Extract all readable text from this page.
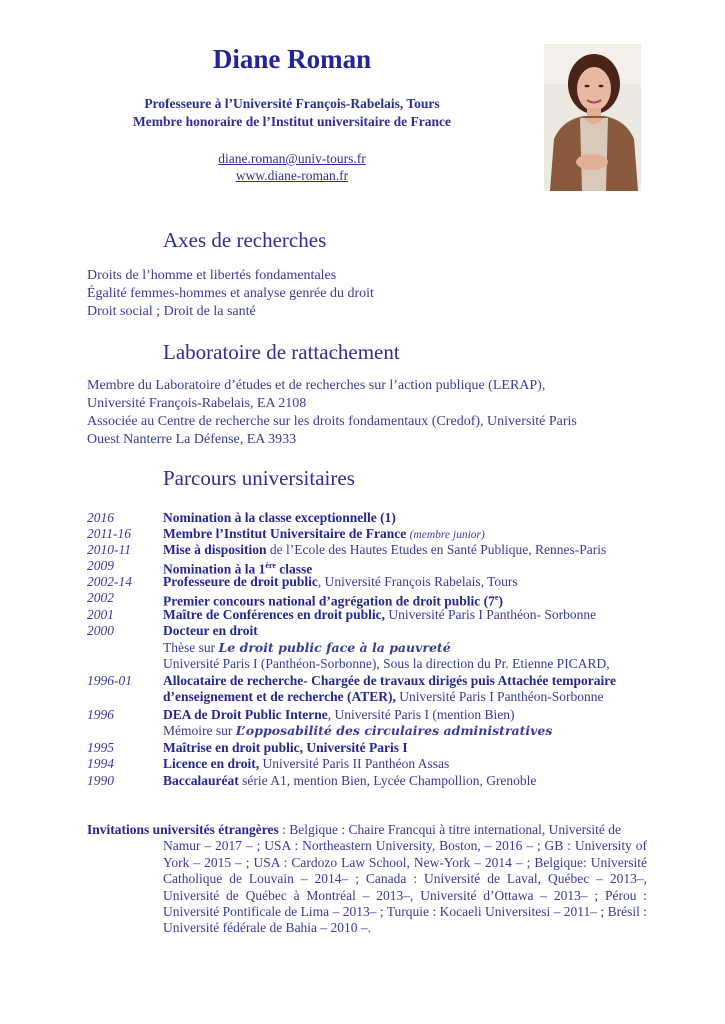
Diane Roman
Professeure à l’Université François-Rabelais, Tours
Membre honoraire de l’Institut universitaire de France
diane.roman@univ-tours.fr
www.diane-roman.fr
Axes de recherches
Droits de l’homme et libertés fondamentales
Égalité femmes-hommes et analyse genrée du droit
Droit social ; Droit de la santé
Laboratoire de rattachement
Membre du Laboratoire d’études et de recherches sur l’action publique (LERAP),
Université François-Rabelais, EA 2108
Associée au Centre de recherche sur les droits fondamentaux (Credof), Université Paris
Ouest Nanterre La Défense, EA 3933
Parcours universitaires
2016	Nomination à la classe exceptionnelle (1)
2011-16 Membre l’Institut Universitaire de France (membre junior)
2010-11 Mise à disposition de l’Ecole des Hautes Etudes en Santé Publique, Rennes-Paris
2009	Nomination à la 1ère classe
2002-14 Professeure de droit public, Université François Rabelais, Tours
2002	Premier concours national d’agrégation de droit public (7e)
2001	Maître de Conférences en droit public, Université Paris I Panthéon- Sorbonne
2000	Docteur en droit
Thèse sur Le droit public face à la pauvreté
Université Paris I (Panthéon-Sorbonne), Sous la direction du Pr. Etienne PICARD,
1996-01 Allocataire de recherche- Chargée de travaux dirigés puis Attachée temporaire
d’enseignement et de recherche (ATER), Université Paris I Panthéon-Sorbonne
1996	DEA de Droit Public Interne, Université Paris I (mention Bien)
Mémoire sur L’opposabilité des circulaires administratives
1995	Maîtrise en droit public, Université Paris I
1994	Licence en droit, Université Paris II Panthéon Assas
1990	Baccalauréat série A1, mention Bien, Lycée Champollion, Grenoble
Invitations universités étrangères : Belgique : Chaire Francqui à titre international, Université de
Namur – 2017 – ; USA : Northeastern University, Boston, – 2016 – ; GB : University of York – 2015 – ; USA : Cardozo Law School, New-York – 2014 – ; Belgique: Université Catholique de Louvain – 2014– ; Canada : Université de Laval, Québec – 2013–, Université de Québec à Montréal – 2013–, Université d’Ottawa – 2013– ; Pérou : Université Pontificale de Lima – 2013– ; Turquie : Kocaeli Universitesi – 2011– ; Brésil : Université fédérale de Bahia – 2010 –.
